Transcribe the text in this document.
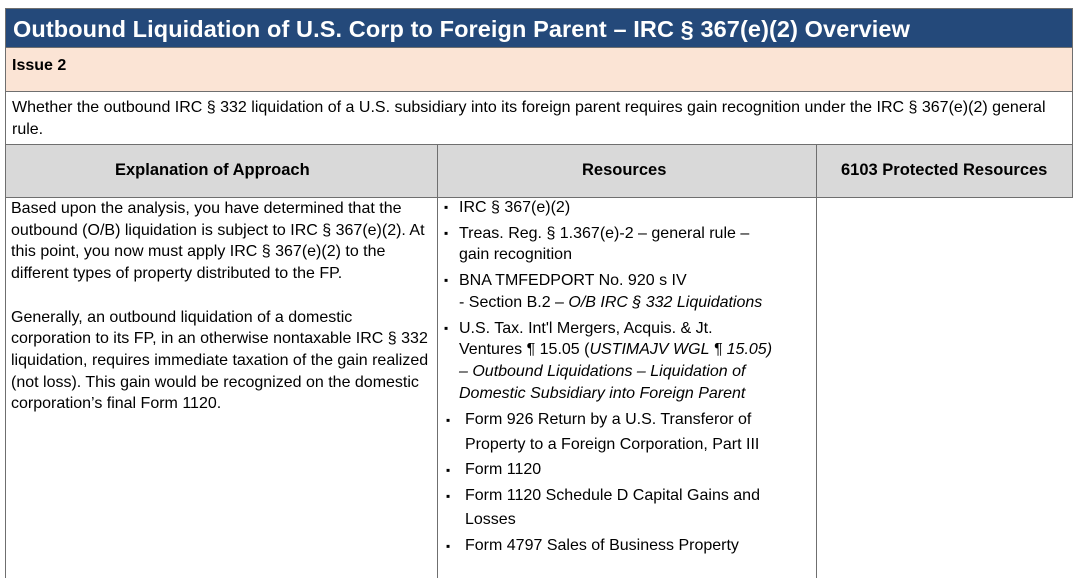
Outbound Liquidation of U.S. Corp to Foreign Parent – IRC § 367(e)(2) Overview
Issue 2
Whether the outbound IRC § 332 liquidation of a U.S. subsidiary into its foreign parent requires gain recognition under the IRC § 367(e)(2) general rule.
Explanation of Approach	Resources	6103 Protected Resources

Based upon the analysis, you have determined that the outbound (O/B) liquidation is subject to IRC § 367(e)(2). At this point, you now must apply IRC § 367(e)(2) to the different types of property distributed to the FP.

Generally, an outbound liquidation of a domestic corporation to its FP, in an otherwise nontaxable IRC § 332 liquidation, requires immediate taxation of the gain realized (not loss). This gain would be recognized on the domestic corporation’s final Form 1120.

▪ IRC § 367(e)(2)
▪ Treas. Reg. § 1.367(e)-2 – general rule –
gain recognition
▪ BNA TMFEDPORT No. 920 s IV
- Section B.2 – O/B IRC § 332 Liquidations
▪ U.S. Tax. Int'l Mergers, Acquis. & Jt.
Ventures ¶ 15.05 (USTIMAJV WGL ¶ 15.05)
– Outbound Liquidations – Liquidation of
Domestic Subsidiary into Foreign Parent
▪ Form 926 Return by a U.S. Transferor of
Property to a Foreign Corporation, Part III
▪ Form 1120
▪ Form 1120 Schedule D Capital Gains and
Losses
▪ Form 4797 Sales of Business Property
